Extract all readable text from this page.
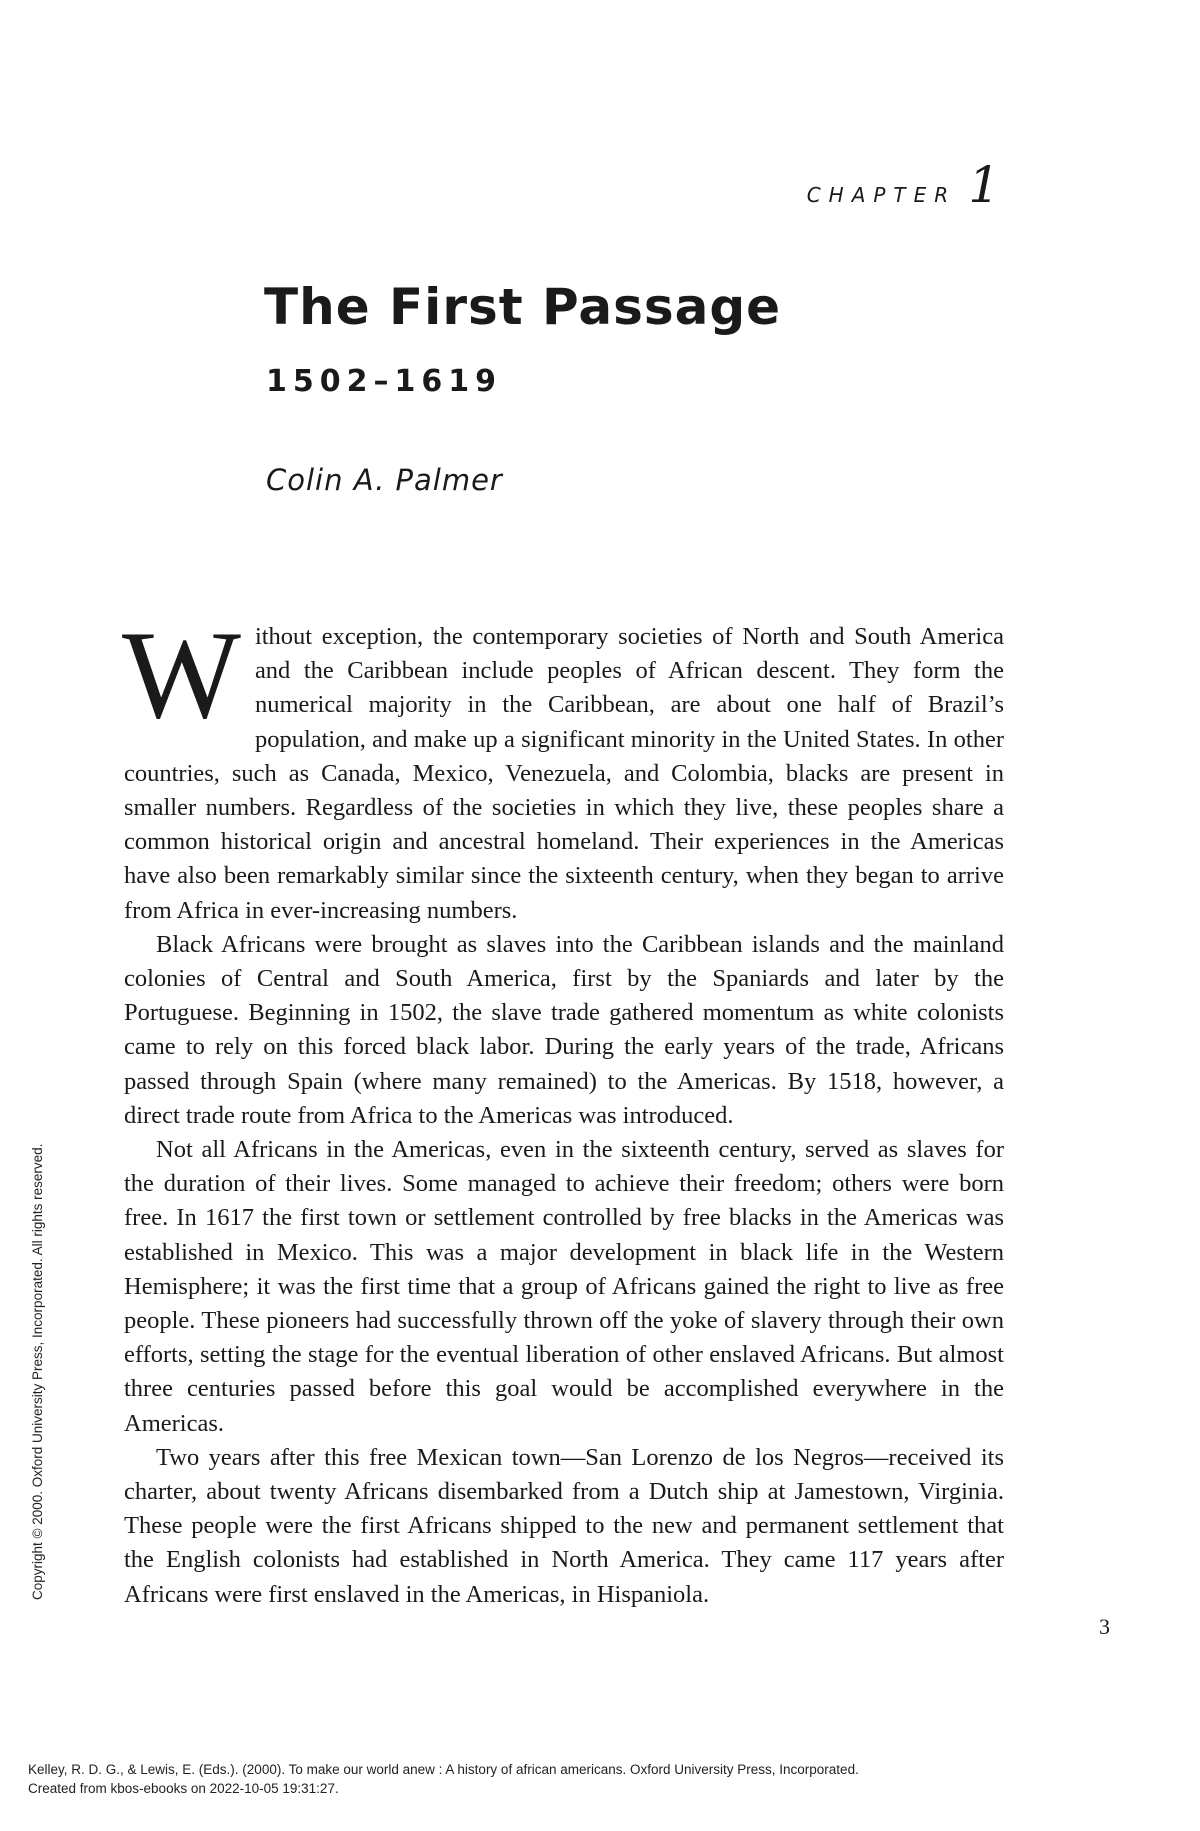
CHAPTER 1
The First Passage
1502–1619
Colin A. Palmer

Without exception, the contemporary societies of North and South America and the Caribbean include peoples of African descent. They form the numerical majority in the Caribbean, are about one half of Brazil’s population, and make up a significant minority in the United States. In other countries, such as Canada, Mexico, Venezuela, and Colombia, blacks are present in smaller numbers. Regardless of the societies in which they live, these peoples share a common historical origin and ancestral homeland. Their experiences in the Americas have also been remarkably similar since the sixteenth century, when they began to arrive from Africa in ever-increasing numbers.

Black Africans were brought as slaves into the Caribbean islands and the mainland colonies of Central and South America, first by the Spaniards and later by the Portuguese. Beginning in 1502, the slave trade gathered momentum as white colonists came to rely on this forced black labor. During the early years of the trade, Africans passed through Spain (where many remained) to the Americas. By 1518, however, a direct trade route from Africa to the Americas was introduced.

Not all Africans in the Americas, even in the sixteenth century, served as slaves for the duration of their lives. Some managed to achieve their freedom; others were born free. In 1617 the first town or settlement controlled by free blacks in the Americas was established in Mexico. This was a major development in black life in the Western Hemisphere; it was the first time that a group of Africans gained the right to live as free people. These pioneers had successfully thrown off the yoke of slavery through their own efforts, setting the stage for the eventual liberation of other enslaved Africans. But almost three centuries passed before this goal would be accomplished everywhere in the Americas.

Two years after this free Mexican town—San Lorenzo de los Negros—received its charter, about twenty Africans disembarked from a Dutch ship at Jamestown, Virginia. These people were the first Africans shipped to the new and permanent settlement that the English colonists had established in North America. They came 117 years after Africans were first enslaved in the Americas, in Hispaniola.

3
Copyright © 2000. Oxford University Press, Incorporated. All rights reserved.
Kelley, R. D. G., & Lewis, E. (Eds.). (2000). To make our world anew : A history of african americans. Oxford University Press, Incorporated.
Created from kbos-ebooks on 2022-10-05 19:31:27.
